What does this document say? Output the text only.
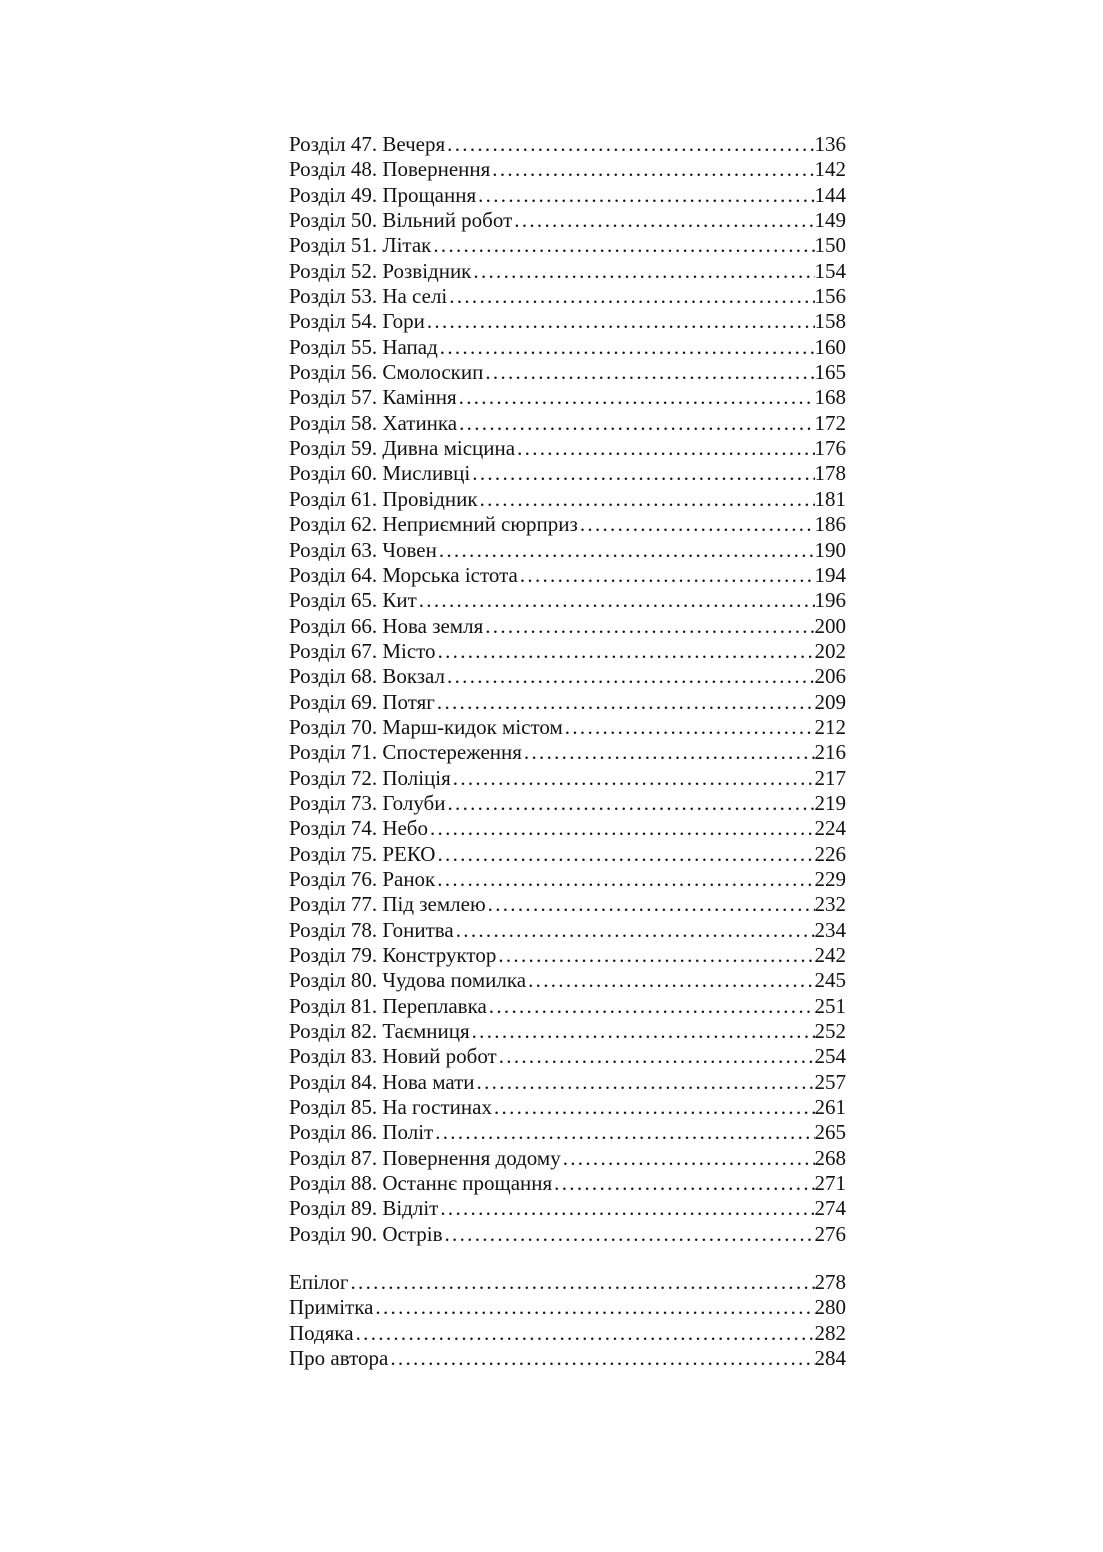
Розділ 47. Вечеря .....	136
Розділ 48. Повернення .....	142
Розділ 49. Прощання .....	144
Розділ 50. Вільний робот .....	149
Розділ 51. Літак .....	150
Розділ 52. Розвідник .....	154
Розділ 53. На селі .....	156
Розділ 54. Гори .....	158
Розділ 55. Напад .....	160
Розділ 56. Смолоскип .....	165
Розділ 57. Каміння .....	168
Розділ 58. Хатинка .....	172
Розділ 59. Дивна місцина .....	176
Розділ 60. Мисливці .....	178
Розділ 61. Провідник .....	181
Розділ 62. Неприємний сюрприз .....	186
Розділ 63. Човен .....	190
Розділ 64. Морська істота .....	194
Розділ 65. Кит .....	196
Розділ 66. Нова земля .....	200
Розділ 67. Місто .....	202
Розділ 68. Вокзал .....	206
Розділ 69. Потяг .....	209
Розділ 70. Марш-кидок містом .....	212
Розділ 71. Спостереження .....	216
Розділ 72. Поліція .....	217
Розділ 73. Голуби .....	219
Розділ 74. Небо .....	224
Розділ 75. РЕКО .....	226
Розділ 76. Ранок .....	229
Розділ 77. Під землею .....	232
Розділ 78. Гонитва .....	234
Розділ 79. Конструктор .....	242
Розділ 80. Чудова помилка .....	245
Розділ 81. Переплавка .....	251
Розділ 82. Таємниця .....	252
Розділ 83. Новий робот .....	254
Розділ 84. Нова мати .....	257
Розділ 85. На гостинах .....	261
Розділ 86. Політ .....	265
Розділ 87. Повернення додому .....	268
Розділ 88. Останнє прощання .....	271
Розділ 89. Відліт .....	274
Розділ 90. Острів .....	276
Епілог .....	278
Примітка .....	280
Подяка .....	282
Про автора .....	284
